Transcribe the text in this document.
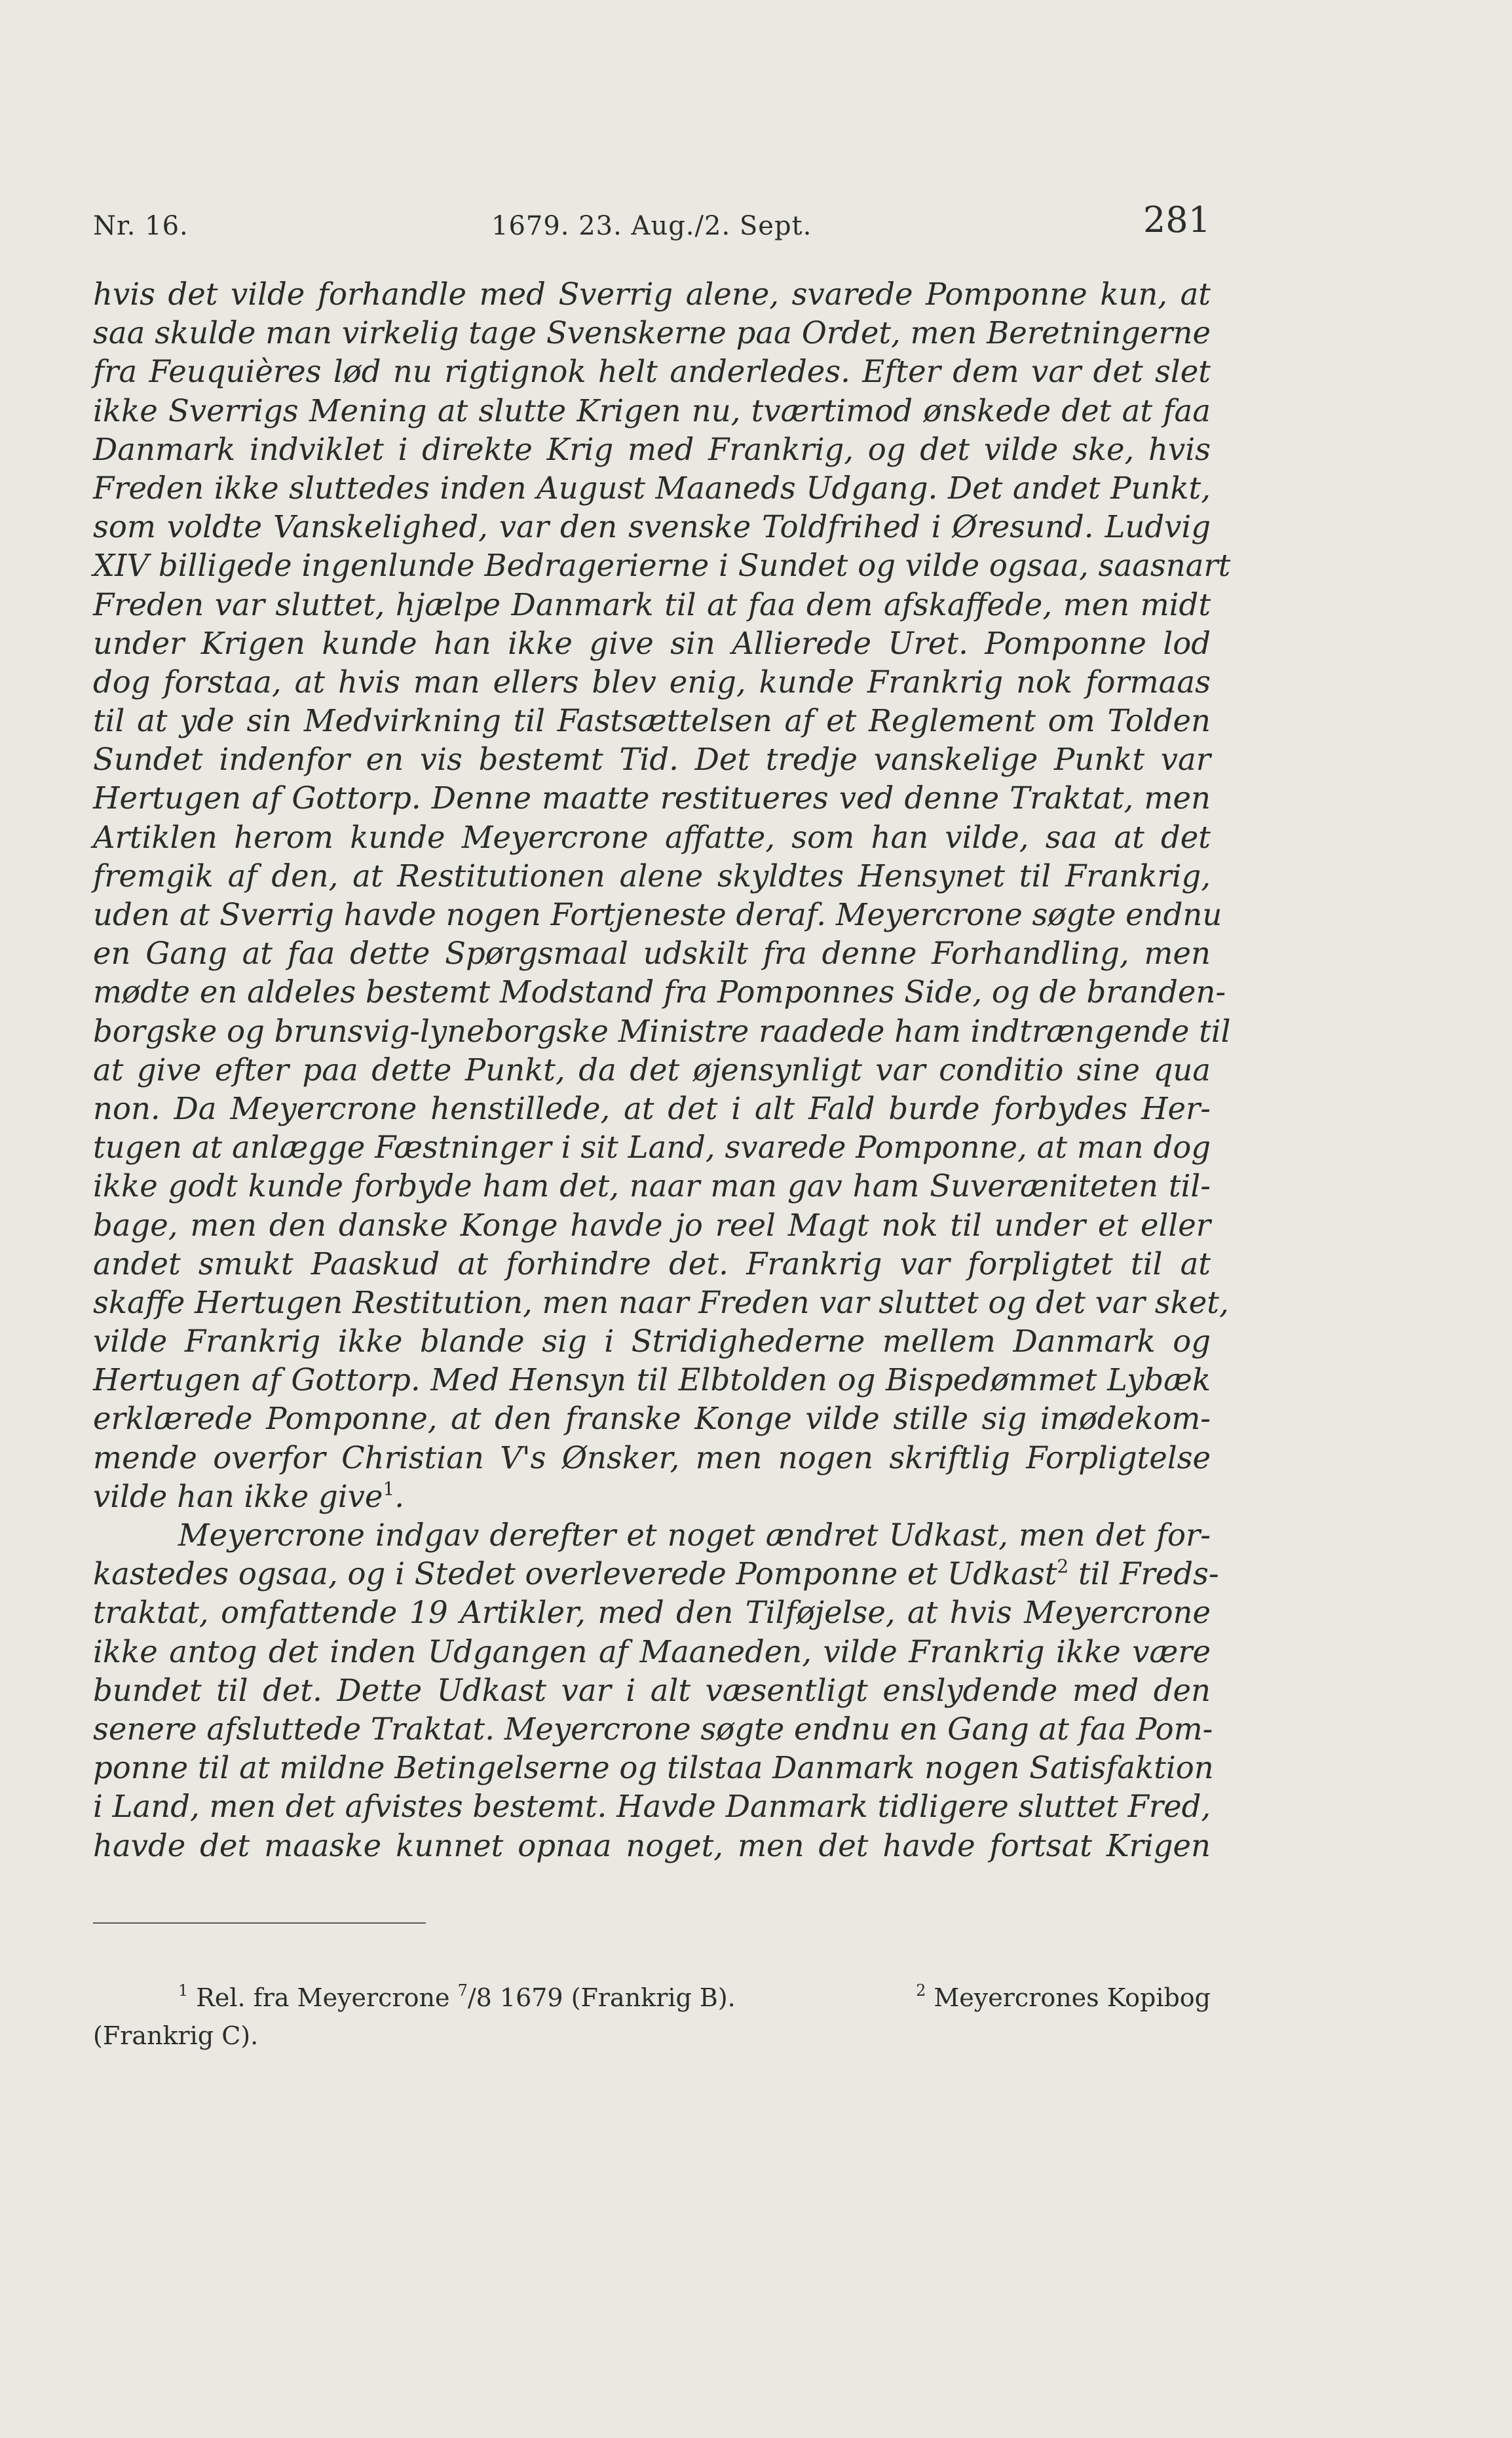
Nr. 16.	1679. 23. Aug./2. Sept.	281
hvis det vilde forhandle med Sverrig alene, svarede Pomponne kun, at
saa skulde man virkelig tage Svenskerne paa Ordet, men Beretningerne
fra Feuquières lød nu rigtignok helt anderledes. Efter dem var det slet
ikke Sverrigs Mening at slutte Krigen nu, tværtimod ønskede det at faa
Danmark indviklet i direkte Krig med Frankrig, og det vilde ske, hvis
Freden ikke sluttedes inden August Maaneds Udgang. Det andet Punkt,
som voldte Vanskelighed, var den svenske Toldfrihed i Øresund. Ludvig
XIV billigede ingenlunde Bedragerierne i Sundet og vilde ogsaa, saasnart
Freden var sluttet, hjælpe Danmark til at faa dem afskaffede, men midt
under Krigen kunde han ikke give sin Allierede Uret. Pomponne lod
dog forstaa, at hvis man ellers blev enig, kunde Frankrig nok formaas
til at yde sin Medvirkning til Fastsættelsen af et Reglement om Tolden
Sundet indenfor en vis bestemt Tid. Det tredje vanskelige Punkt var
Hertugen af Gottorp. Denne maatte restitueres ved denne Traktat, men
Artiklen herom kunde Meyercrone affatte, som han vilde, saa at det
fremgik af den, at Restitutionen alene skyldtes Hensynet til Frankrig,
uden at Sverrig havde nogen Fortjeneste deraf. Meyercrone søgte endnu
en Gang at faa dette Spørgsmaal udskilt fra denne Forhandling, men
mødte en aldeles bestemt Modstand fra Pomponnes Side, og de branden-
borgske og brunsvig-lyneborgske Ministre raadede ham indtrængende til
at give efter paa dette Punkt, da det øjensynligt var conditio sine qua
non. Da Meyercrone henstillede, at det i alt Fald burde forbydes Her-
tugen at anlægge Fæstninger i sit Land, svarede Pomponne, at man dog
ikke godt kunde forbyde ham det, naar man gav ham Suveræniteten til-
bage, men den danske Konge havde jo reel Magt nok til under et eller
andet smukt Paaskud at forhindre det. Frankrig var forpligtet til at
skaffe Hertugen Restitution, men naar Freden var sluttet og det var sket,
vilde Frankrig ikke blande sig i Stridighederne mellem Danmark og
Hertugen af Gottorp. Med Hensyn til Elbtolden og Bispedømmet Lybæk
erklærede Pomponne, at den franske Konge vilde stille sig imødekom-
mende overfor Christian V's Ønsker, men nogen skriftlig Forpligtelse
vilde han ikke give$^1$.
Meyercrone indgav derefter et noget ændret Udkast, men det for-
kastedes ogsaa, og i Stedet overleverede Pomponne et Udkast$^2$ til Freds-
traktat, omfattende 19 Artikler, med den Tilføjelse, at hvis Meyercrone
ikke antog det inden Udgangen af Maaneden, vilde Frankrig ikke være
bundet til det. Dette Udkast var i alt væsentligt enslydende med den
senere afsluttede Traktat. Meyercrone søgte endnu en Gang at faa Pom-
ponne til at mildne Betingelserne og tilstaa Danmark nogen Satisfaktion
i Land, men det afvistes bestemt. Havde Danmark tidligere sluttet Fred,
havde det maaske kunnet opnaa noget, men det havde fortsat Krigen
$^1$ Rel. fra Meyercrone $^7$/8 1679 (Frankrig B).	$^2$ Meyercrones Kopibog
(Frankrig C).
